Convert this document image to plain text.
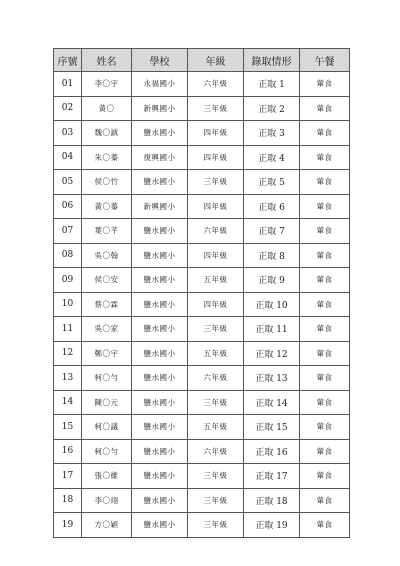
序號	姓名	學校	年級	錄取情形	午餐
01	李〇宇	永福國小	六年級	正取 1	葷食
02	黃〇	新興國小	三年級	正取 2	葷食
03	魏〇誠	鹽水國小	四年級	正取 3	葷食
04	朱〇蓁	復興國小	四年級	正取 4	葷食
05	侯〇竹	鹽水國小	三年級	正取 5	葷食
06	黃〇蓁	新興國小	四年級	正取 6	葷食
07	葉〇芊	鹽水國小	六年級	正取 7	葷食
08	吳〇翰	鹽水國小	四年級	正取 8	葷食
09	侯〇安	鹽水國小	五年級	正取 9	葷食
10	蔡〇霖	鹽水國小	四年級	正取 10	葷食
11	吳〇家	鹽水國小	三年級	正取 11	葷食
12	鄭〇宇	鹽水國小	五年級	正取 12	葷食
13	柯〇勻	鹽水國小	六年級	正取 13	葷食
14	陳〇元	鹽水國小	三年級	正取 14	葷食
15	柯〇議	鹽水國小	五年級	正取 15	葷食
16	柯〇勻	鹽水國小	六年級	正取 16	葷食
17	張〇維	鹽水國小	三年級	正取 17	葷食
18	李〇翊	鹽水國小	三年級	正取 18	葷食
19	方〇穎	鹽水國小	三年級	正取 19	葷食
